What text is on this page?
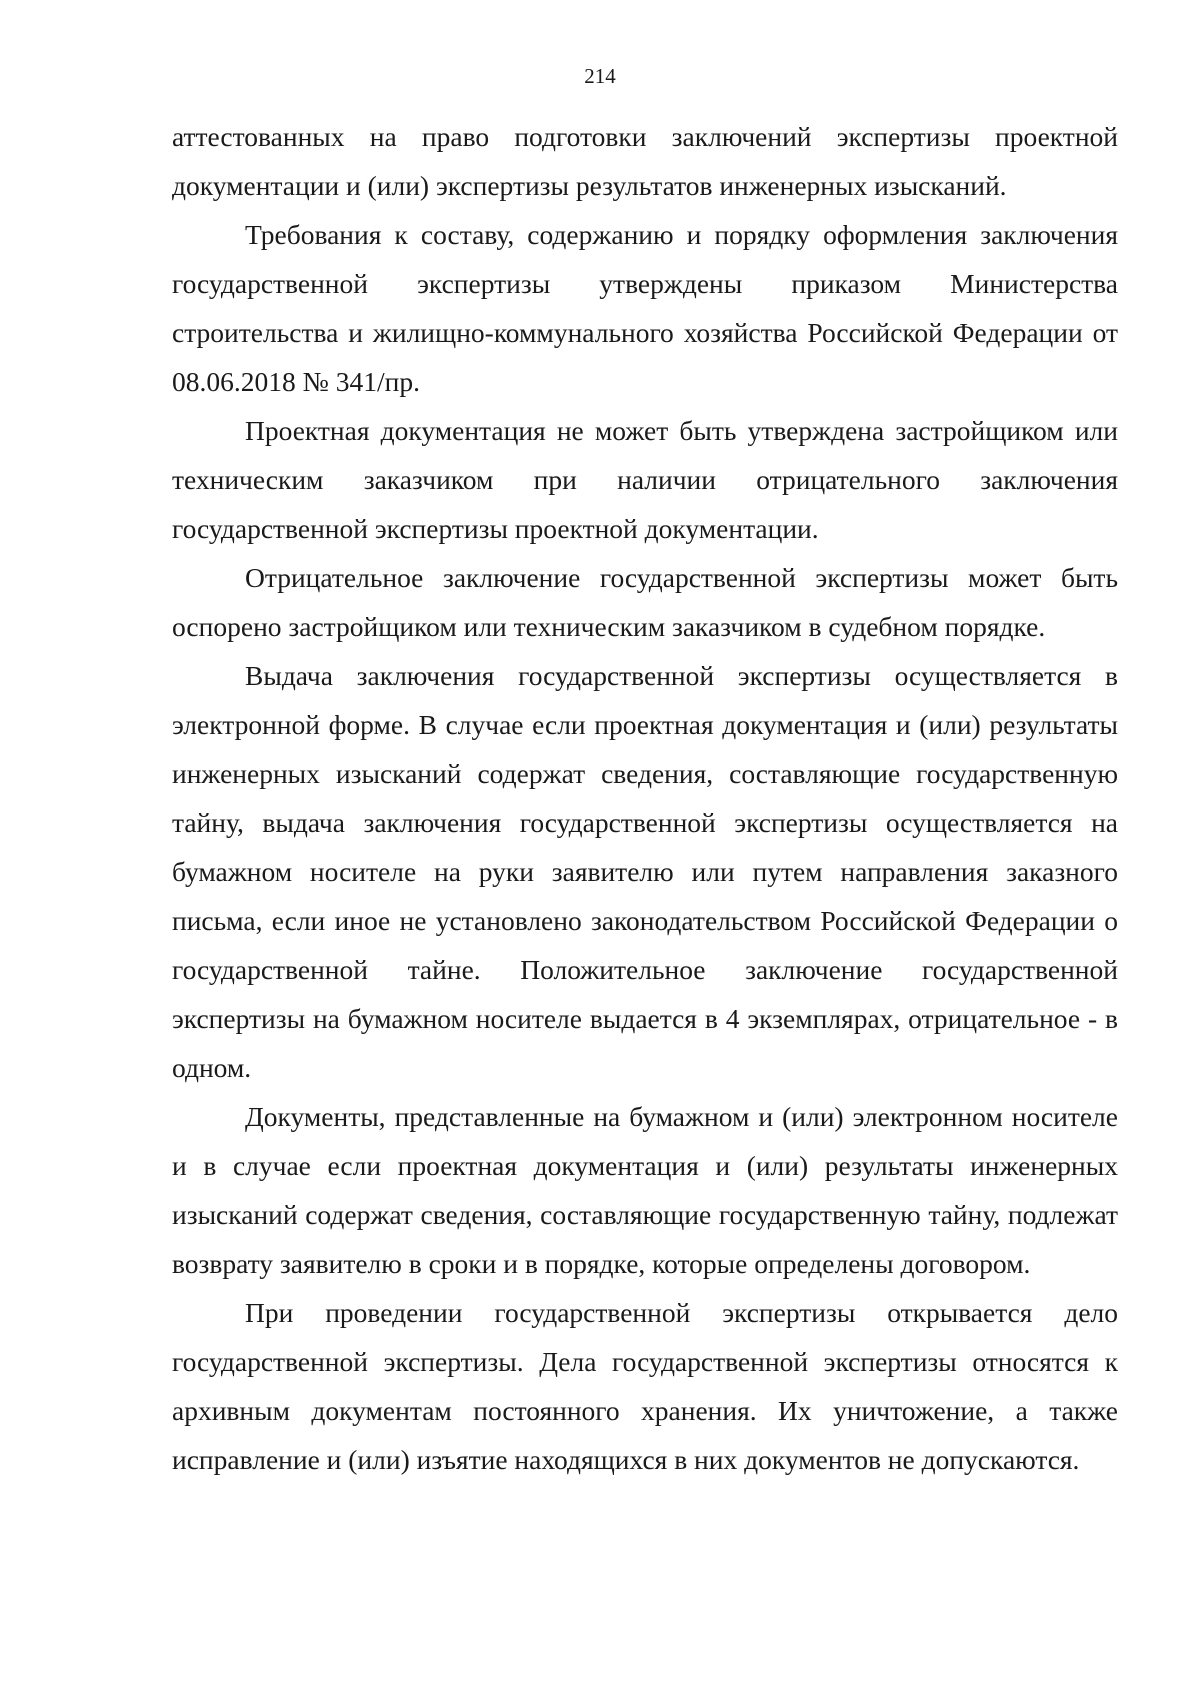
214

аттестованных на право подготовки заключений экспертизы проектной документации и (или) экспертизы результатов инженерных изысканий.

Требования к составу, содержанию и порядку оформления заключения государственной экспертизы утверждены приказом Министерства строительства и жилищно-коммунального хозяйства Российской Федерации от 08.06.2018 № 341/пр.

Проектная документация не может быть утверждена застройщиком или техническим заказчиком при наличии отрицательного заключения государственной экспертизы проектной документации.

Отрицательное заключение государственной экспертизы может быть оспорено застройщиком или техническим заказчиком в судебном порядке.

Выдача заключения государственной экспертизы осуществляется в электронной форме. В случае если проектная документация и (или) результаты инженерных изысканий содержат сведения, составляющие государственную тайну, выдача заключения государственной экспертизы осуществляется на бумажном носителе на руки заявителю или путем направления заказного письма, если иное не установлено законодательством Российской Федерации о государственной тайне. Положительное заключение государственной экспертизы на бумажном носителе выдается в 4 экземплярах, отрицательное - в одном.

Документы, представленные на бумажном и (или) электронном носителе и в случае если проектная документация и (или) результаты инженерных изысканий содержат сведения, составляющие государственную тайну, подлежат возврату заявителю в сроки и в порядке, которые определены договором.

При проведении государственной экспертизы открывается дело государственной экспертизы. Дела государственной экспертизы относятся к архивным документам постоянного хранения. Их уничтожение, а также исправление и (или) изъятие находящихся в них документов не допускаются.
